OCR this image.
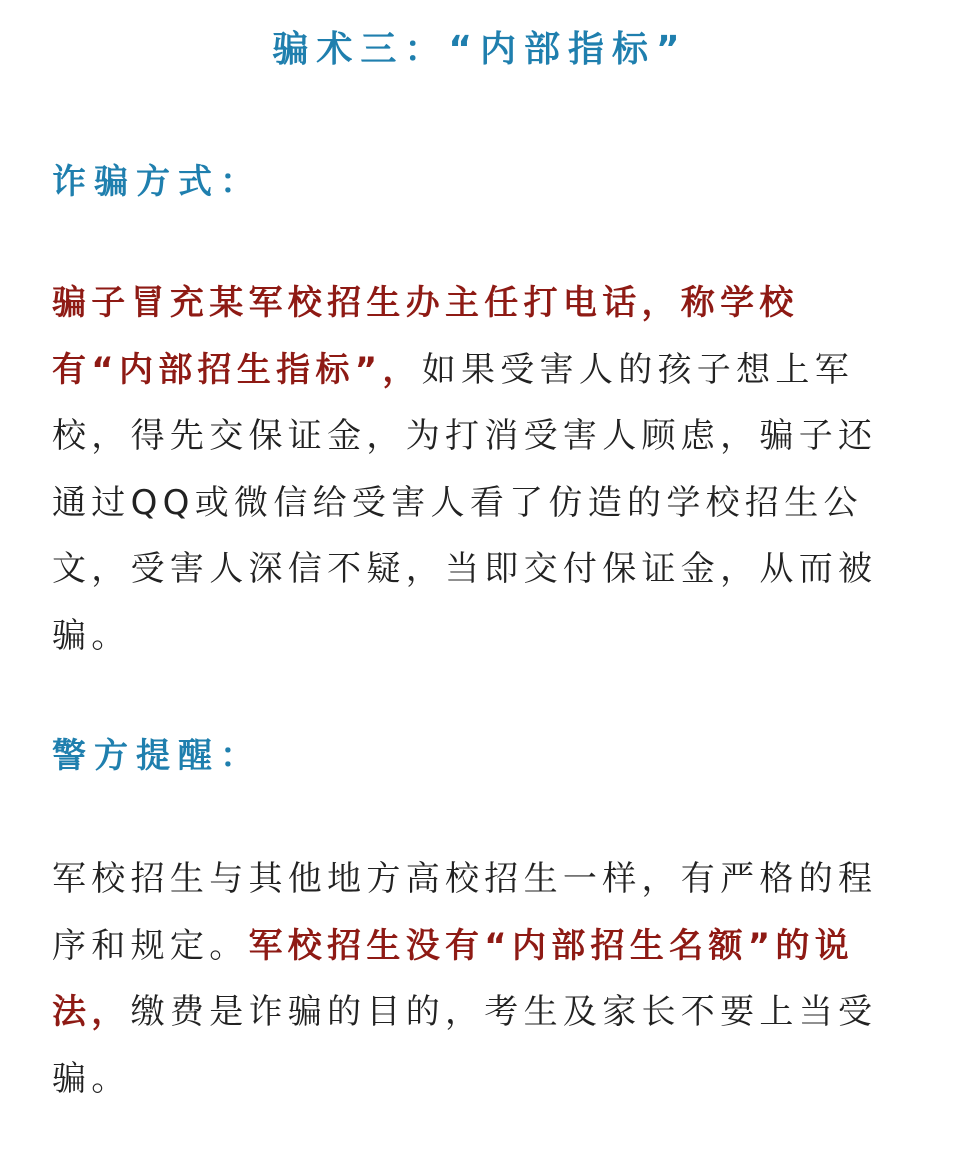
骗术三：“内部指标”
诈骗方式：

骗子冒充某军校招生办主任打电话，称学校有“内部招生指标”，如果受害人的孩子想上军校，得先交保证金，为打消受害人顾虑，骗子还通过QQ或微信给受害人看了仿造的学校招生公文，受害人深信不疑，当即交付保证金，从而被骗。

警方提醒：

军校招生与其他地方高校招生一样，有严格的程序和规定。军校招生没有“内部招生名额”的说法，缴费是诈骗的目的，考生及家长不要上当受骗。
